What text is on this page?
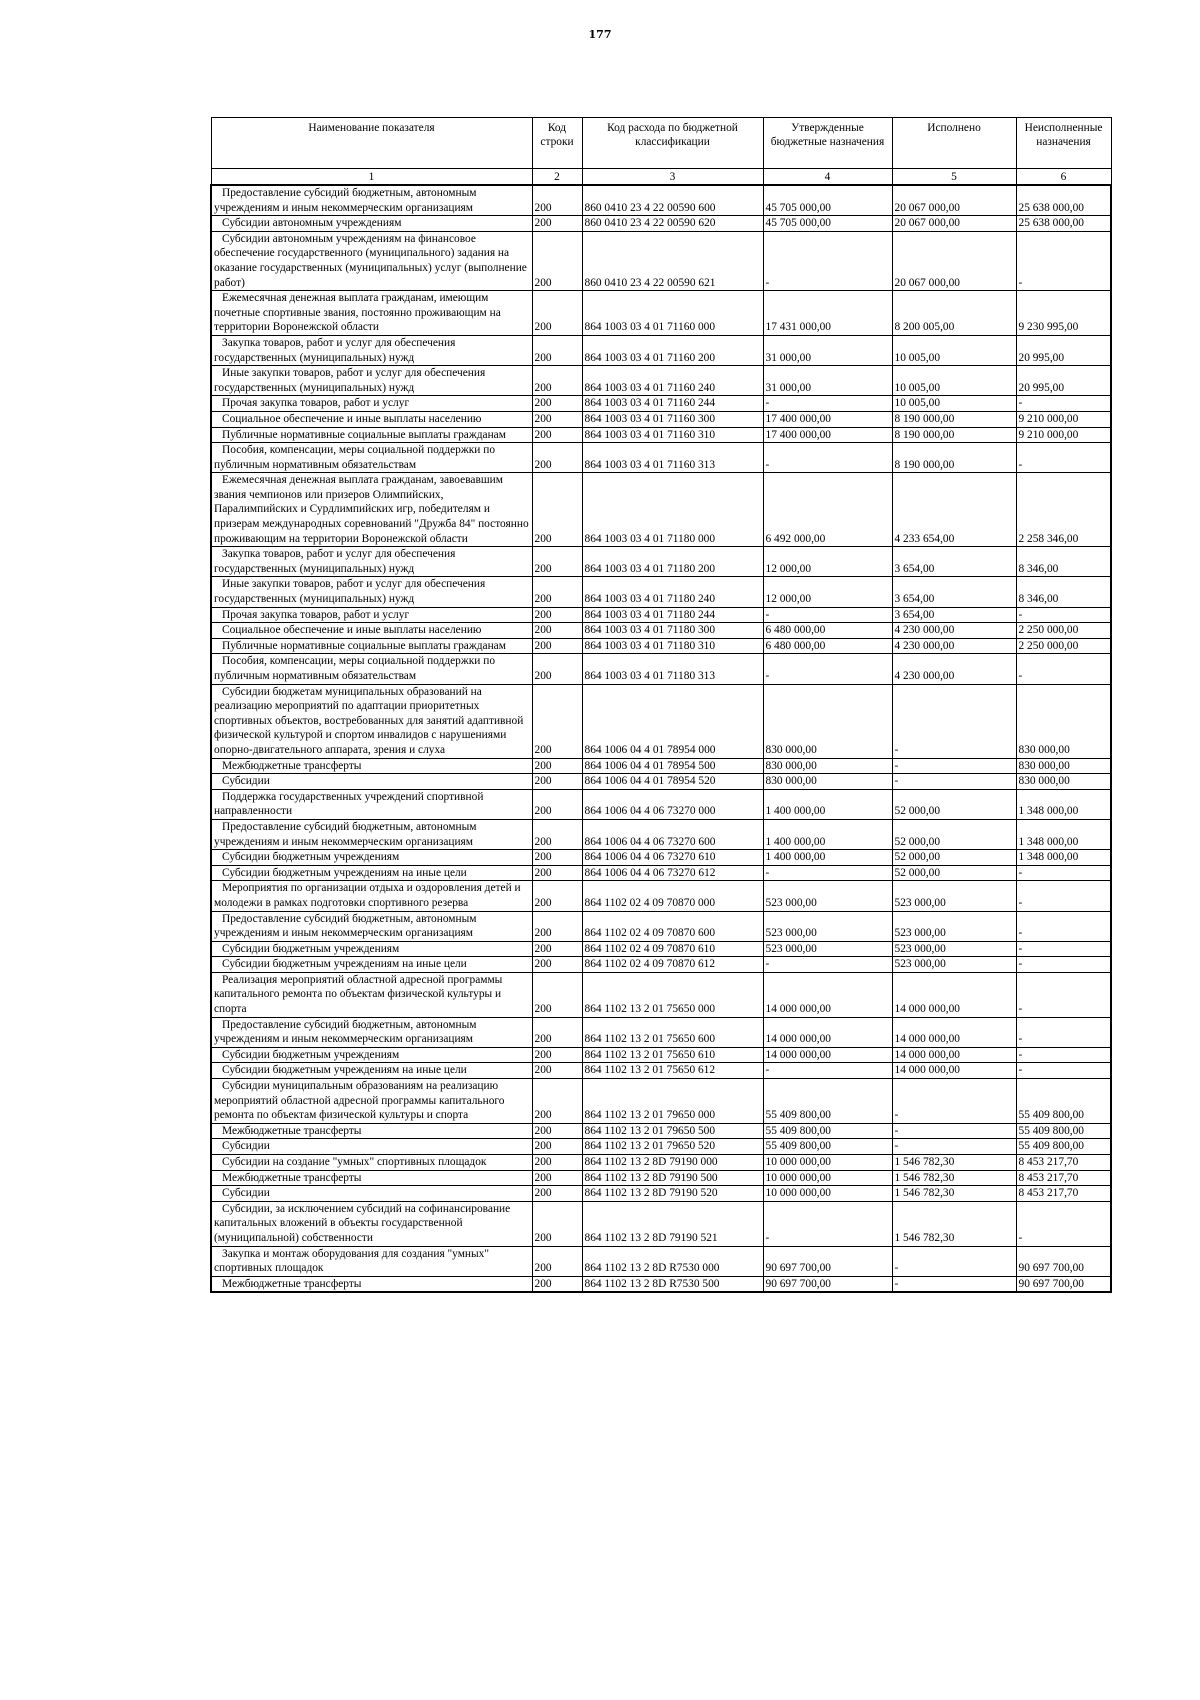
177
Наименование показателя	Код строки	Код расхода по бюджетной классификации	Утвержденные бюджетные назначения	Исполнено	Неисполненные назначения
1	2	3	4	5	6
Предоставление субсидий бюджетным, автономным учреждениям и иным некоммерческим организациям	200	860 0410 23 4 22 00590 600	45 705 000,00	20 067 000,00	25 638 000,00
Субсидии автономным учреждениям	200	860 0410 23 4 22 00590 620	45 705 000,00	20 067 000,00	25 638 000,00
Субсидии автономным учреждениям на финансовое обеспечение государственного (муниципального) задания на оказание государственных (муниципальных) услуг (выполнение работ)	200	860 0410 23 4 22 00590 621	-	20 067 000,00	-
Ежемесячная денежная выплата гражданам, имеющим почетные спортивные звания, постоянно проживающим на территории Воронежской области	200	864 1003 03 4 01 71160 000	17 431 000,00	8 200 005,00	9 230 995,00
Закупка товаров, работ и услуг для обеспечения государственных (муниципальных) нужд	200	864 1003 03 4 01 71160 200	31 000,00	10 005,00	20 995,00
Иные закупки товаров, работ и услуг для обеспечения государственных (муниципальных) нужд	200	864 1003 03 4 01 71160 240	31 000,00	10 005,00	20 995,00
Прочая закупка товаров, работ и услуг	200	864 1003 03 4 01 71160 244	-	10 005,00	-
Социальное обеспечение и иные выплаты населению	200	864 1003 03 4 01 71160 300	17 400 000,00	8 190 000,00	9 210 000,00
Публичные нормативные социальные выплаты гражданам	200	864 1003 03 4 01 71160 310	17 400 000,00	8 190 000,00	9 210 000,00
Пособия, компенсации, меры социальной поддержки по публичным нормативным обязательствам	200	864 1003 03 4 01 71160 313	-	8 190 000,00	-
Ежемесячная денежная выплата гражданам, завоевавшим звания чемпионов или призеров Олимпийских, Паралимпийских и Сурдлимпийских игр, победителям и призерам международных соревнований "Дружба 84" постоянно проживающим на территории Воронежской области	200	864 1003 03 4 01 71180 000	6 492 000,00	4 233 654,00	2 258 346,00
Закупка товаров, работ и услуг для обеспечения государственных (муниципальных) нужд	200	864 1003 03 4 01 71180 200	12 000,00	3 654,00	8 346,00
Иные закупки товаров, работ и услуг для обеспечения государственных (муниципальных) нужд	200	864 1003 03 4 01 71180 240	12 000,00	3 654,00	8 346,00
Прочая закупка товаров, работ и услуг	200	864 1003 03 4 01 71180 244	-	3 654,00	-
Социальное обеспечение и иные выплаты населению	200	864 1003 03 4 01 71180 300	6 480 000,00	4 230 000,00	2 250 000,00
Публичные нормативные социальные выплаты гражданам	200	864 1003 03 4 01 71180 310	6 480 000,00	4 230 000,00	2 250 000,00
Пособия, компенсации, меры социальной поддержки по публичным нормативным обязательствам	200	864 1003 03 4 01 71180 313	-	4 230 000,00	-
Субсидии бюджетам муниципальных образований на реализацию мероприятий по адаптации приоритетных спортивных объектов, востребованных для занятий адаптивной физической культурой и спортом инвалидов с нарушениями опорно-двигательного аппарата, зрения и слуха	200	864 1006 04 4 01 78954 000	830 000,00	-	830 000,00
Межбюджетные трансферты	200	864 1006 04 4 01 78954 500	830 000,00	-	830 000,00
Субсидии	200	864 1006 04 4 01 78954 520	830 000,00	-	830 000,00
Поддержка государственных учреждений спортивной направленности	200	864 1006 04 4 06 73270 000	1 400 000,00	52 000,00	1 348 000,00
Предоставление субсидий бюджетным, автономным учреждениям и иным некоммерческим организациям	200	864 1006 04 4 06 73270 600	1 400 000,00	52 000,00	1 348 000,00
Субсидии бюджетным учреждениям	200	864 1006 04 4 06 73270 610	1 400 000,00	52 000,00	1 348 000,00
Субсидии бюджетным учреждениям на иные цели	200	864 1006 04 4 06 73270 612	-	52 000,00	-
Мероприятия по организации отдыха и оздоровления детей и молодежи в рамках подготовки спортивного резерва	200	864 1102 02 4 09 70870 000	523 000,00	523 000,00	-
Предоставление субсидий бюджетным, автономным учреждениям и иным некоммерческим организациям	200	864 1102 02 4 09 70870 600	523 000,00	523 000,00	-
Субсидии бюджетным учреждениям	200	864 1102 02 4 09 70870 610	523 000,00	523 000,00	-
Субсидии бюджетным учреждениям на иные цели	200	864 1102 02 4 09 70870 612	-	523 000,00	-
Реализация мероприятий областной адресной программы капитального ремонта по объектам физической культуры и спорта	200	864 1102 13 2 01 75650 000	14 000 000,00	14 000 000,00	-
Предоставление субсидий бюджетным, автономным учреждениям и иным некоммерческим организациям	200	864 1102 13 2 01 75650 600	14 000 000,00	14 000 000,00	-
Субсидии бюджетным учреждениям	200	864 1102 13 2 01 75650 610	14 000 000,00	14 000 000,00	-
Субсидии бюджетным учреждениям на иные цели	200	864 1102 13 2 01 75650 612	-	14 000 000,00	-
Субсидии муниципальным образованиям на реализацию мероприятий областной адресной программы капитального ремонта по объектам физической культуры и спорта	200	864 1102 13 2 01 79650 000	55 409 800,00	-	55 409 800,00
Межбюджетные трансферты	200	864 1102 13 2 01 79650 500	55 409 800,00	-	55 409 800,00
Субсидии	200	864 1102 13 2 01 79650 520	55 409 800,00	-	55 409 800,00
Субсидии на создание "умных" спортивных площадок	200	864 1102 13 2 8D 79190 000	10 000 000,00	1 546 782,30	8 453 217,70
Межбюджетные трансферты	200	864 1102 13 2 8D 79190 500	10 000 000,00	1 546 782,30	8 453 217,70
Субсидии	200	864 1102 13 2 8D 79190 520	10 000 000,00	1 546 782,30	8 453 217,70
Субсидии, за исключением субсидий на софинансирование капитальных вложений в объекты государственной (муниципальной) собственности	200	864 1102 13 2 8D 79190 521	-	1 546 782,30	-
Закупка и монтаж оборудования для создания "умных" спортивных площадок	200	864 1102 13 2 8D R7530 000	90 697 700,00	-	90 697 700,00
Межбюджетные трансферты	200	864 1102 13 2 8D R7530 500	90 697 700,00	-	90 697 700,00
